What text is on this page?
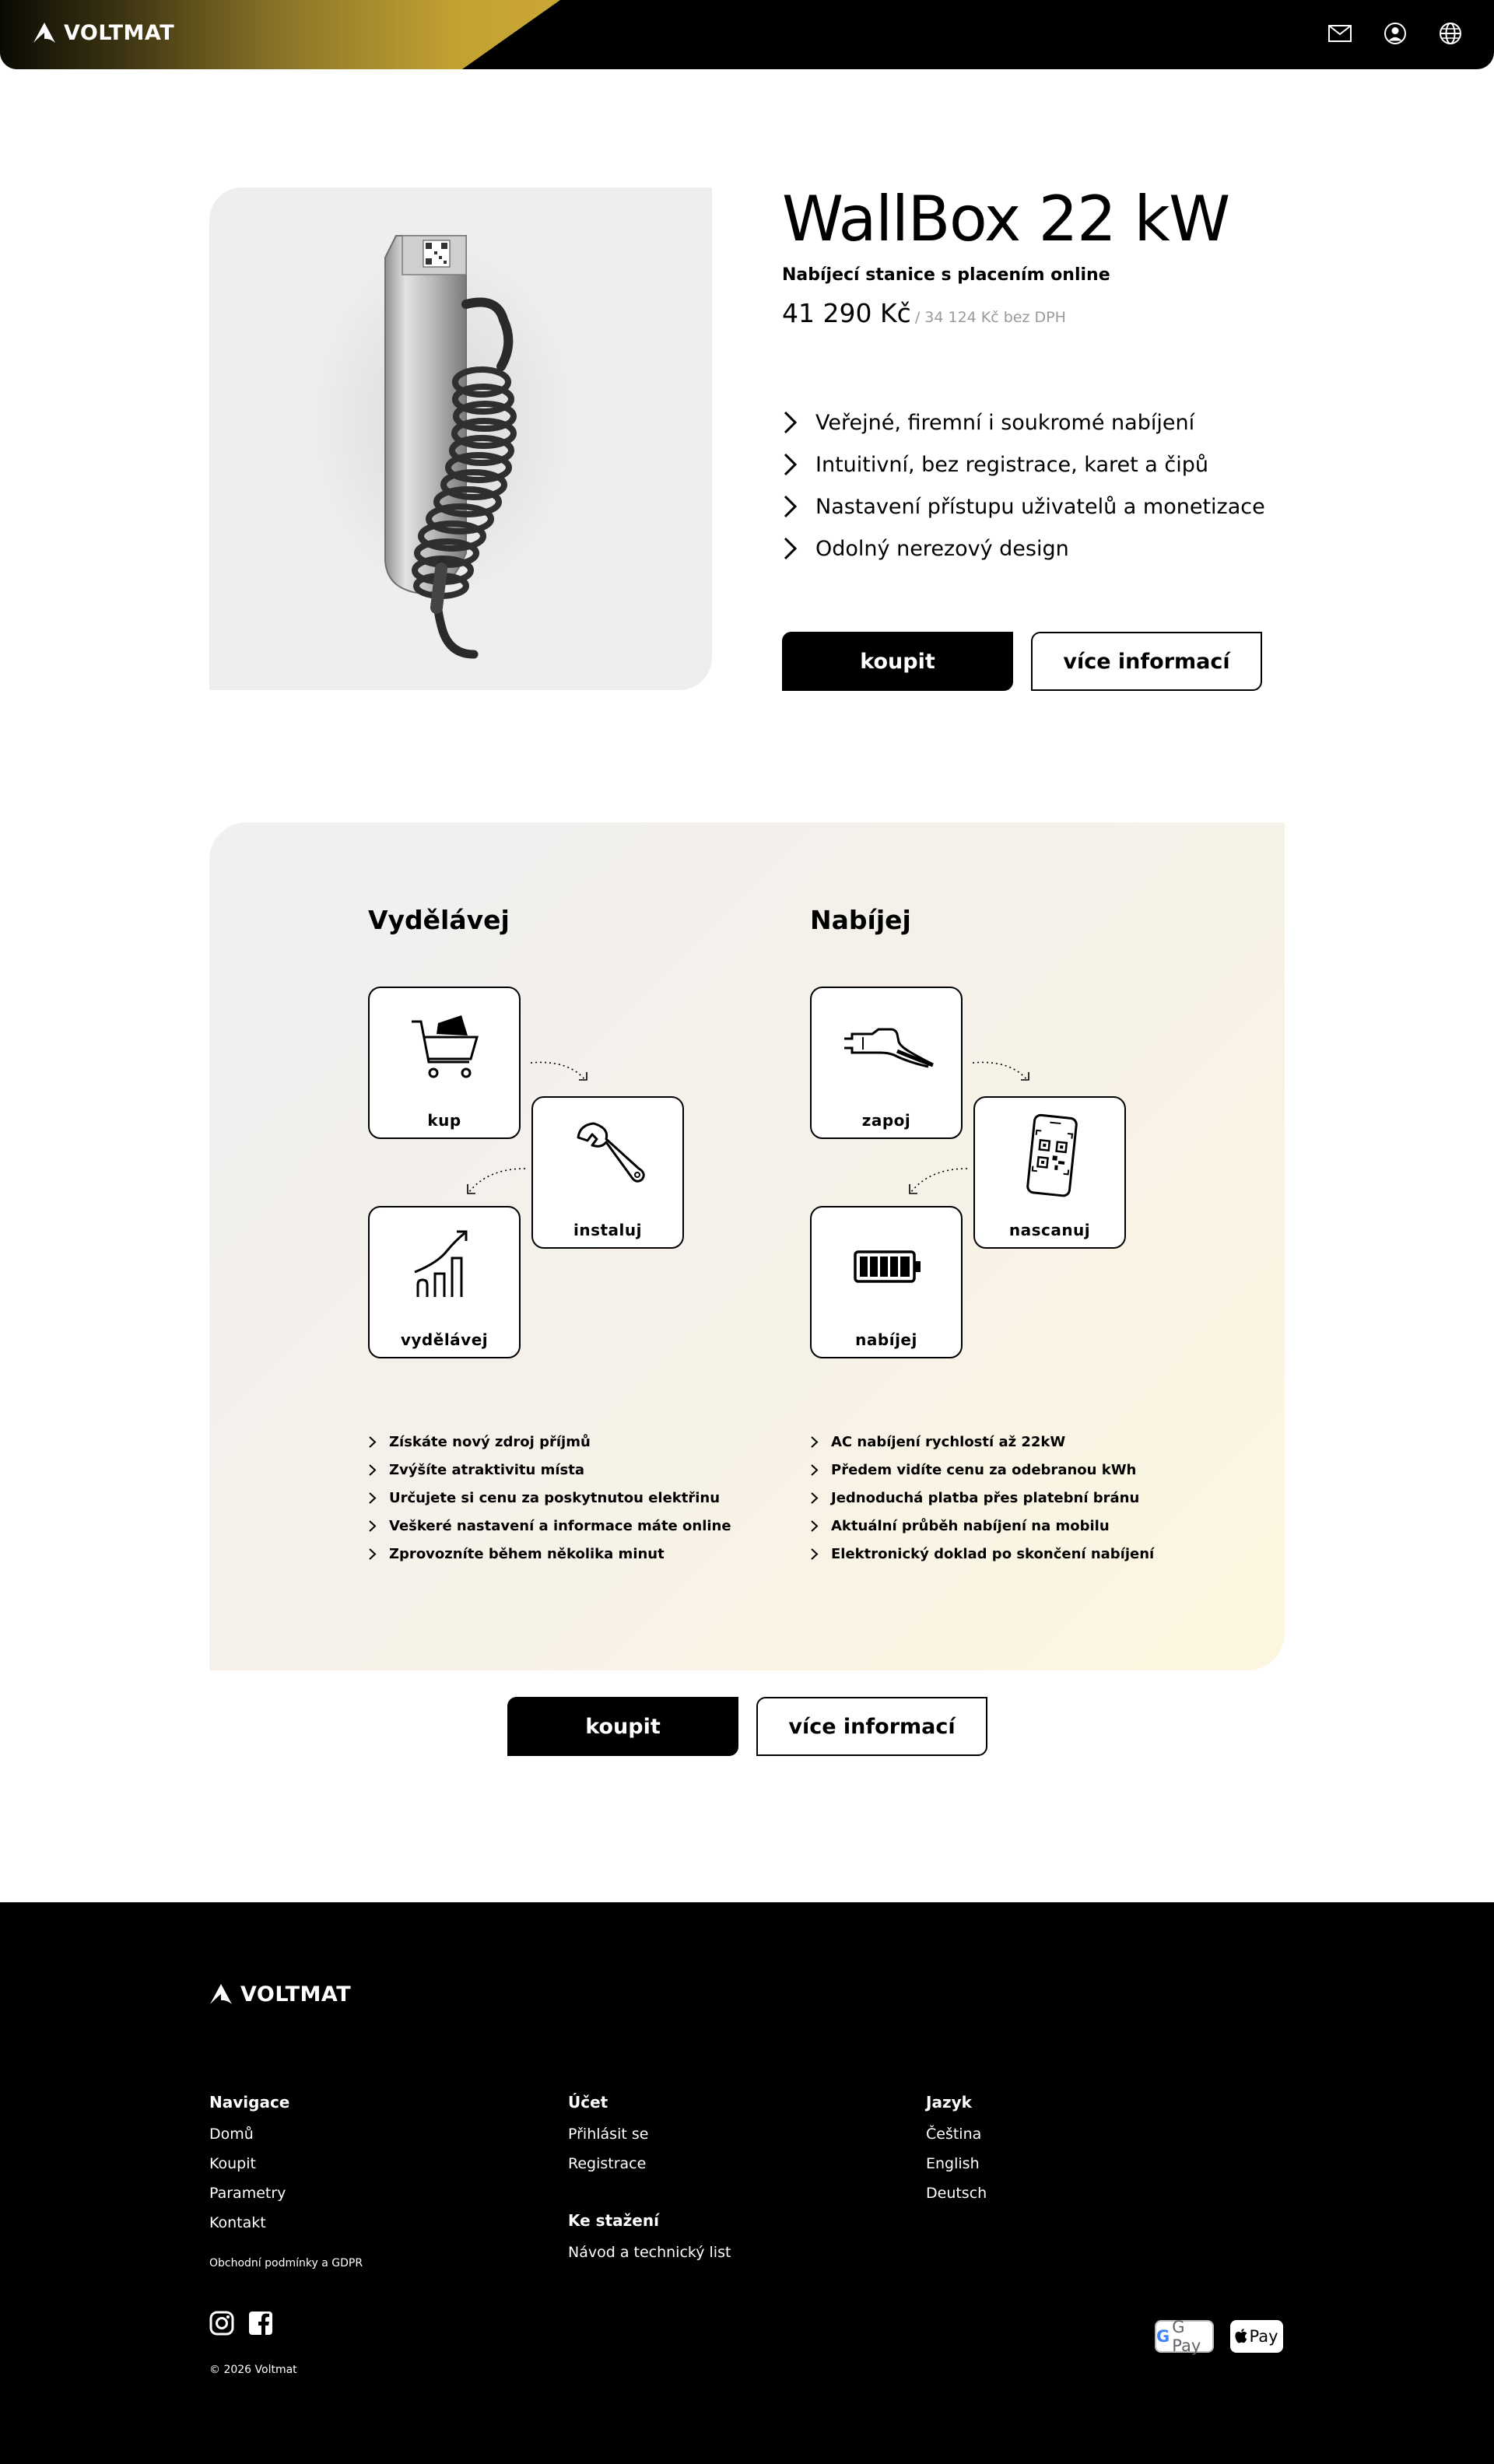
VOLTMAT
WallBox 22 kW
Nabíjecí stanice s placením online
41 290 Kč / 34 124 Kč bez DPH
Veřejné, firemní i soukromé nabíjení
Intuitivní, bez registrace, karet a čipů
Nastavení přístupu uživatelů a monetizace
Odolný nerezový design
koupit	více informací
Vydělávej
kup
instaluj
vydělávej
Získáte nový zdroj příjmů
Zvýšíte atraktivitu místa
Určujete si cenu za poskytnutou elektřinu
Veškeré nastavení a informace máte online
Zprovozníte během několika minut
Nabíjej
zapoj
nascanuj
nabíjej
AC nabíjení rychlostí až 22kW
Předem vidíte cenu za odebranou kWh
Jednoduchá platba přes platební bránu
Aktuální průběh nabíjení na mobilu
Elektronický doklad po skončení nabíjení
koupit	více informací
VOLTMAT
Navigace
Domů
Koupit
Parametry
Kontakt
Obchodní podmínky a GDPR
Účet
Přihlásit se
Registrace
Ke stažení
Návod a technický list
Jazyk
Čeština
English
Deutsch
© 2026 Voltmat
G G Pay	Pay
